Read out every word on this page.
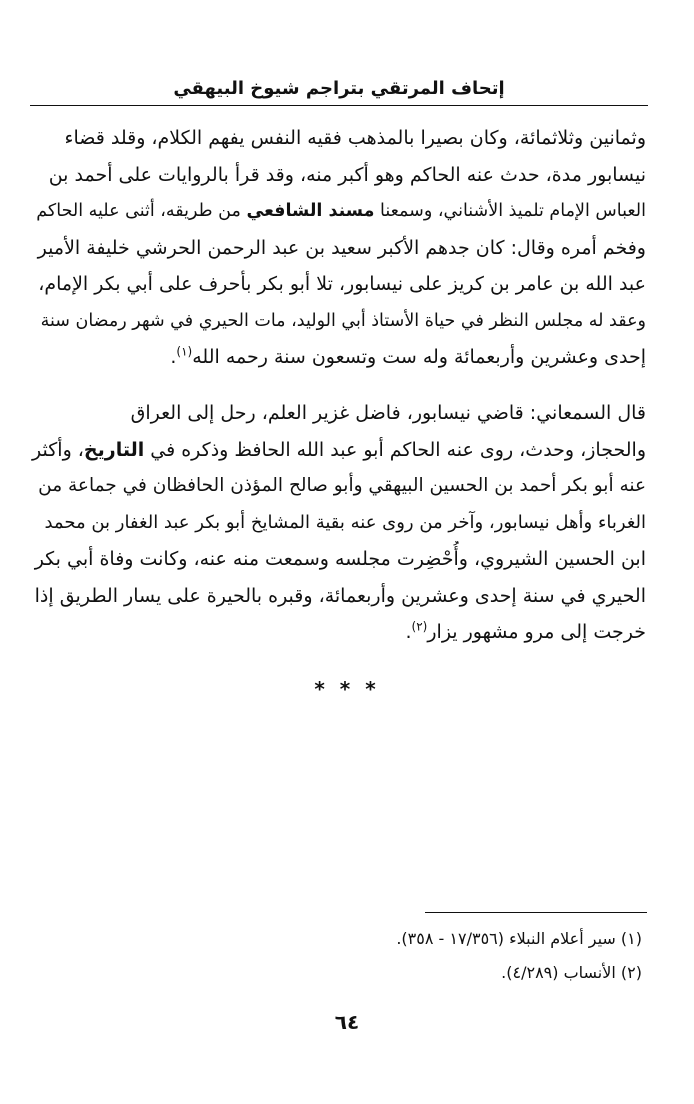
إتحاف المرتقي بتراجم شيوخ البيهقي
وثمانين وثلاثمائة، وكان بصيرا بالمذهب فقيه النفس يفهم الكلام، وقلد قضاء
نيسابور مدة، حدث عنه الحاكم وهو أكبر منه، وقد قرأ بالروايات على أحمد بن
العباس الإمام تلميذ الأشناني، وسمعنا مسند الشافعي من طريقه، أثنى عليه الحاكم
وفخم أمره وقال: كان جدهم الأكبر سعيد بن عبد الرحمن الحرشي خليفة الأمير
عبد الله بن عامر بن كريز على نيسابور، تلا أبو بكر بأحرف على أبي بكر الإمام،
وعقد له مجلس النظر في حياة الأستاذ أبي الوليد، مات الحيري في شهر رمضان سنة
إحدى وعشرين وأربعمائة وله ست وتسعون سنة رحمه الله$^{(١)}$.
قال السمعاني: قاضي نيسابور، فاضل غزير العلم، رحل إلى العراق
والحجاز، وحدث، روى عنه الحاكم أبو عبد الله الحافظ وذكره في التاريخ، وأكثر
عنه أبو بكر أحمد بن الحسين البيهقي وأبو صالح المؤذن الحافظان في جماعة من
الغرباء وأهل نيسابور، وآخر من روى عنه بقية المشايخ أبو بكر عبد الغفار بن محمد
ابن الحسين الشيروي، وأُحْضِرت مجلسه وسمعت منه عنه، وكانت وفاة أبي بكر
الحيري في سنة إحدى وعشرين وأربعمائة، وقبره بالحيرة على يسار الطريق إذا
خرجت إلى مرو مشهور يزار$^{(٢)}$.
* * *
(١) سير أعلام النبلاء (١٧/٣٥٦ - ٣٥٨).
(٢) الأنساب (٤/٢٨٩).
٦٤
